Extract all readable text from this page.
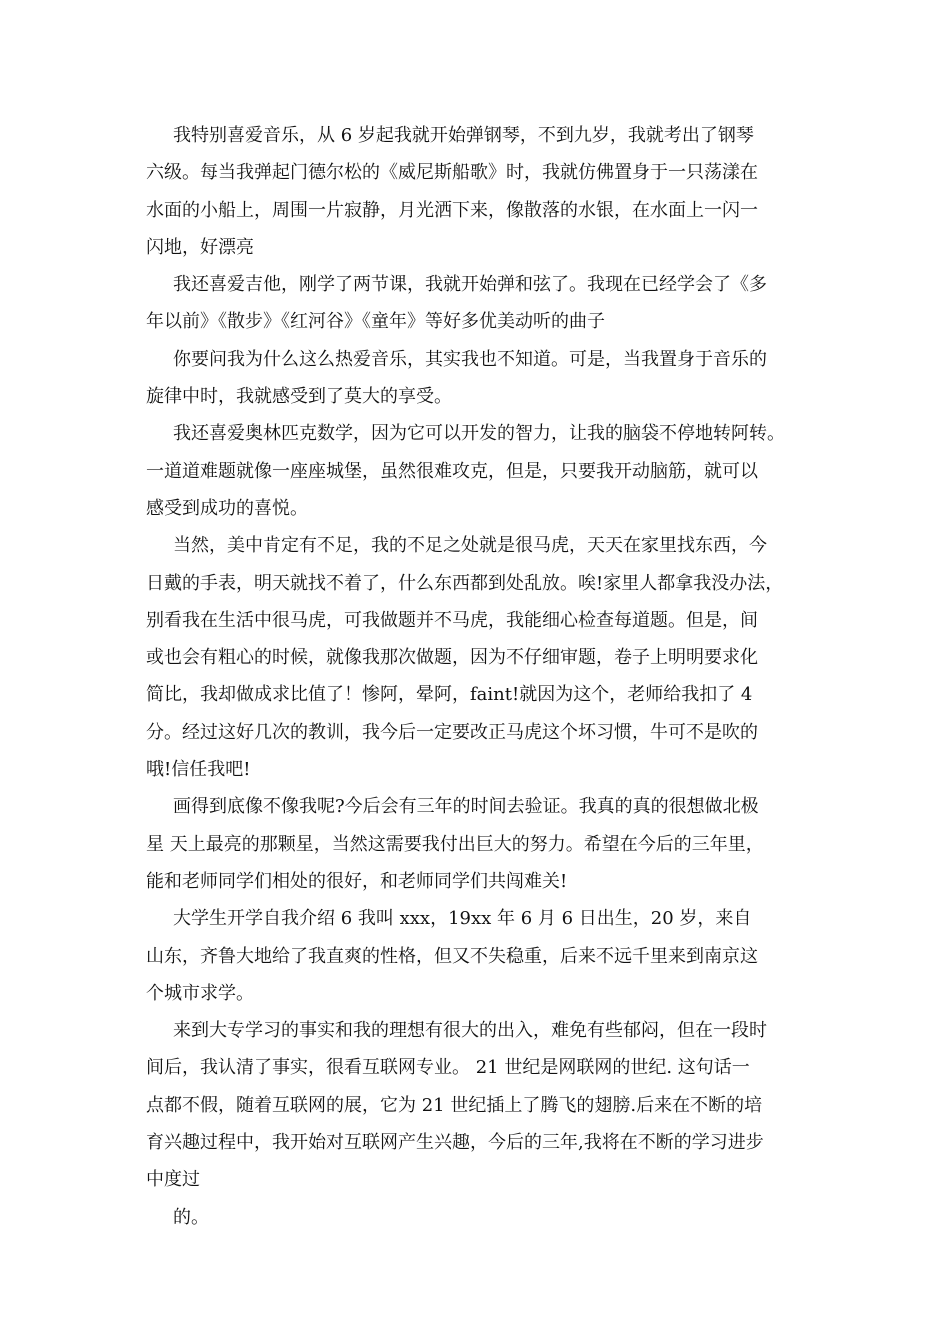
我特别喜爱音乐，从 6 岁起我就开始弹钢琴，不到九岁，我就考出了钢琴
六级。每当我弹起门德尔松的《威尼斯船歌》时，我就仿佛置身于一只荡漾在
水面的小船上，周围一片寂静，月光洒下来，像散落的水银，在水面上一闪一
闪地，好漂亮
我还喜爱吉他，刚学了两节课，我就开始弹和弦了。我现在已经学会了《多
年以前》《散步》《红河谷》《童年》等好多优美动听的曲子
你要问我为什么这么热爱音乐，其实我也不知道。可是，当我置身于音乐的
旋律中时，我就感受到了莫大的享受。
我还喜爱奥林匹克数学，因为它可以开发的智力，让我的脑袋不停地转阿转。
一道道难题就像一座座城堡，虽然很难攻克，但是，只要我开动脑筋，就可以
感受到成功的喜悦。
当然，美中肯定有不足，我的不足之处就是很马虎，天天在家里找东西，今
日戴的手表，明天就找不着了，什么东西都到处乱放。唉!家里人都拿我没办法，
别看我在生活中很马虎，可我做题并不马虎，我能细心检查每道题。但是，间
或也会有粗心的时候，就像我那次做题，因为不仔细审题，卷子上明明要求化
简比，我却做成求比值了！惨阿，晕阿，faint!就因为这个，老师给我扣了 4
分。经过这好几次的教训，我今后一定要改正马虎这个坏习惯，牛可不是吹的
哦!信任我吧!
画得到底像不像我呢?今后会有三年的时间去验证。我真的真的很想做北极
星 天上最亮的那颗星，当然这需要我付出巨大的努力。希望在今后的三年里，
能和老师同学们相处的很好，和老师同学们共闯难关!
大学生开学自我介绍 6 我叫 xxx，19xx 年 6 月 6 日出生，20 岁，来自
山东，齐鲁大地给了我直爽的性格，但又不失稳重，后来不远千里来到南京这
个城市求学。
来到大专学习的事实和我的理想有很大的出入，难免有些郁闷，但在一段时
间后，我认清了事实，很看互联网专业。 21 世纪是网联网的世纪. 这句话一
点都不假，随着互联网的展，它为 21 世纪插上了腾飞的翅膀.后来在不断的培
育兴趣过程中，我开始对互联网产生兴趣，今后的三年,我将在不断的学习进步
中度过
的。
